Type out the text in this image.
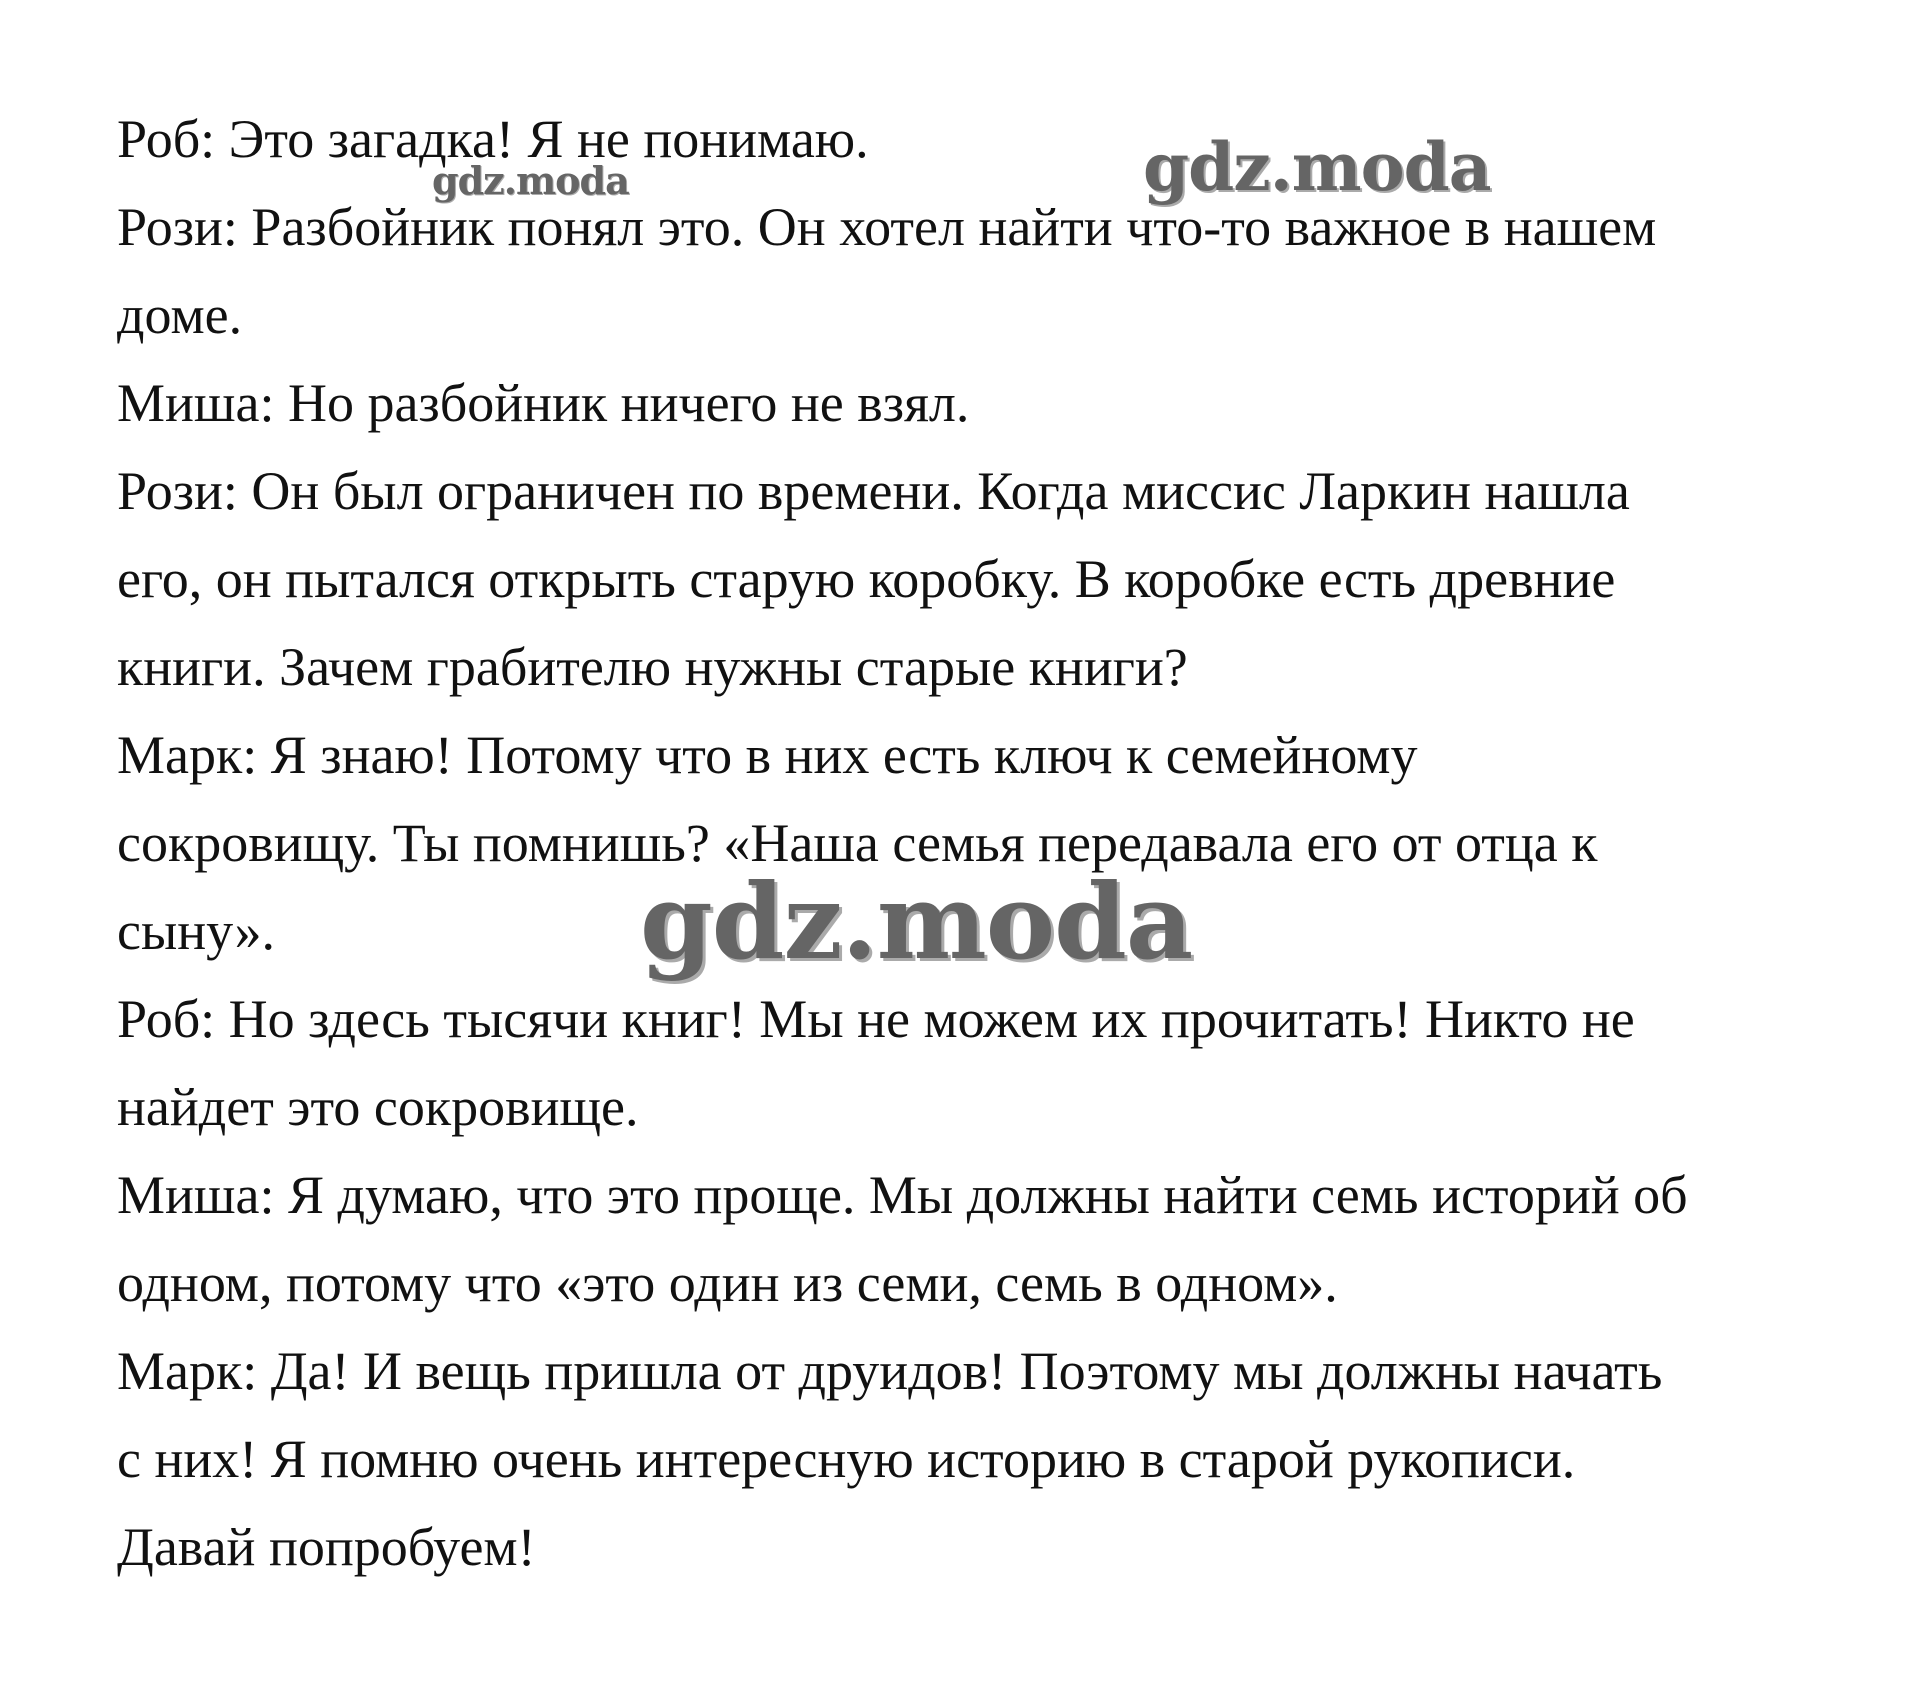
Роб: Это загадка! Я не понимаю.
Рози: Разбойник понял это. Он хотел найти что-то важное в нашем
доме.
Миша: Но разбойник ничего не взял.
Рози: Он был ограничен по времени. Когда миссис Ларкин нашла
его, он пытался открыть старую коробку. В коробке есть древние
книги. Зачем грабителю нужны старые книги?
Марк: Я знаю! Потому что в них есть ключ к семейному
сокровищу. Ты помнишь? «Наша семья передавала его от отца к
сыну».
Роб: Но здесь тысячи книг! Мы не можем их прочитать! Никто не
найдет это сокровище.
Миша: Я думаю, что это проще. Мы должны найти семь историй об
одном, потому что «это один из семи, семь в одном».
Марк: Да! И вещь пришла от друидов! Поэтому мы должны начать
с них! Я помню очень интересную историю в старой рукописи.
Давай попробуем!
gdz.moda
gdz.moda
gdz.moda
